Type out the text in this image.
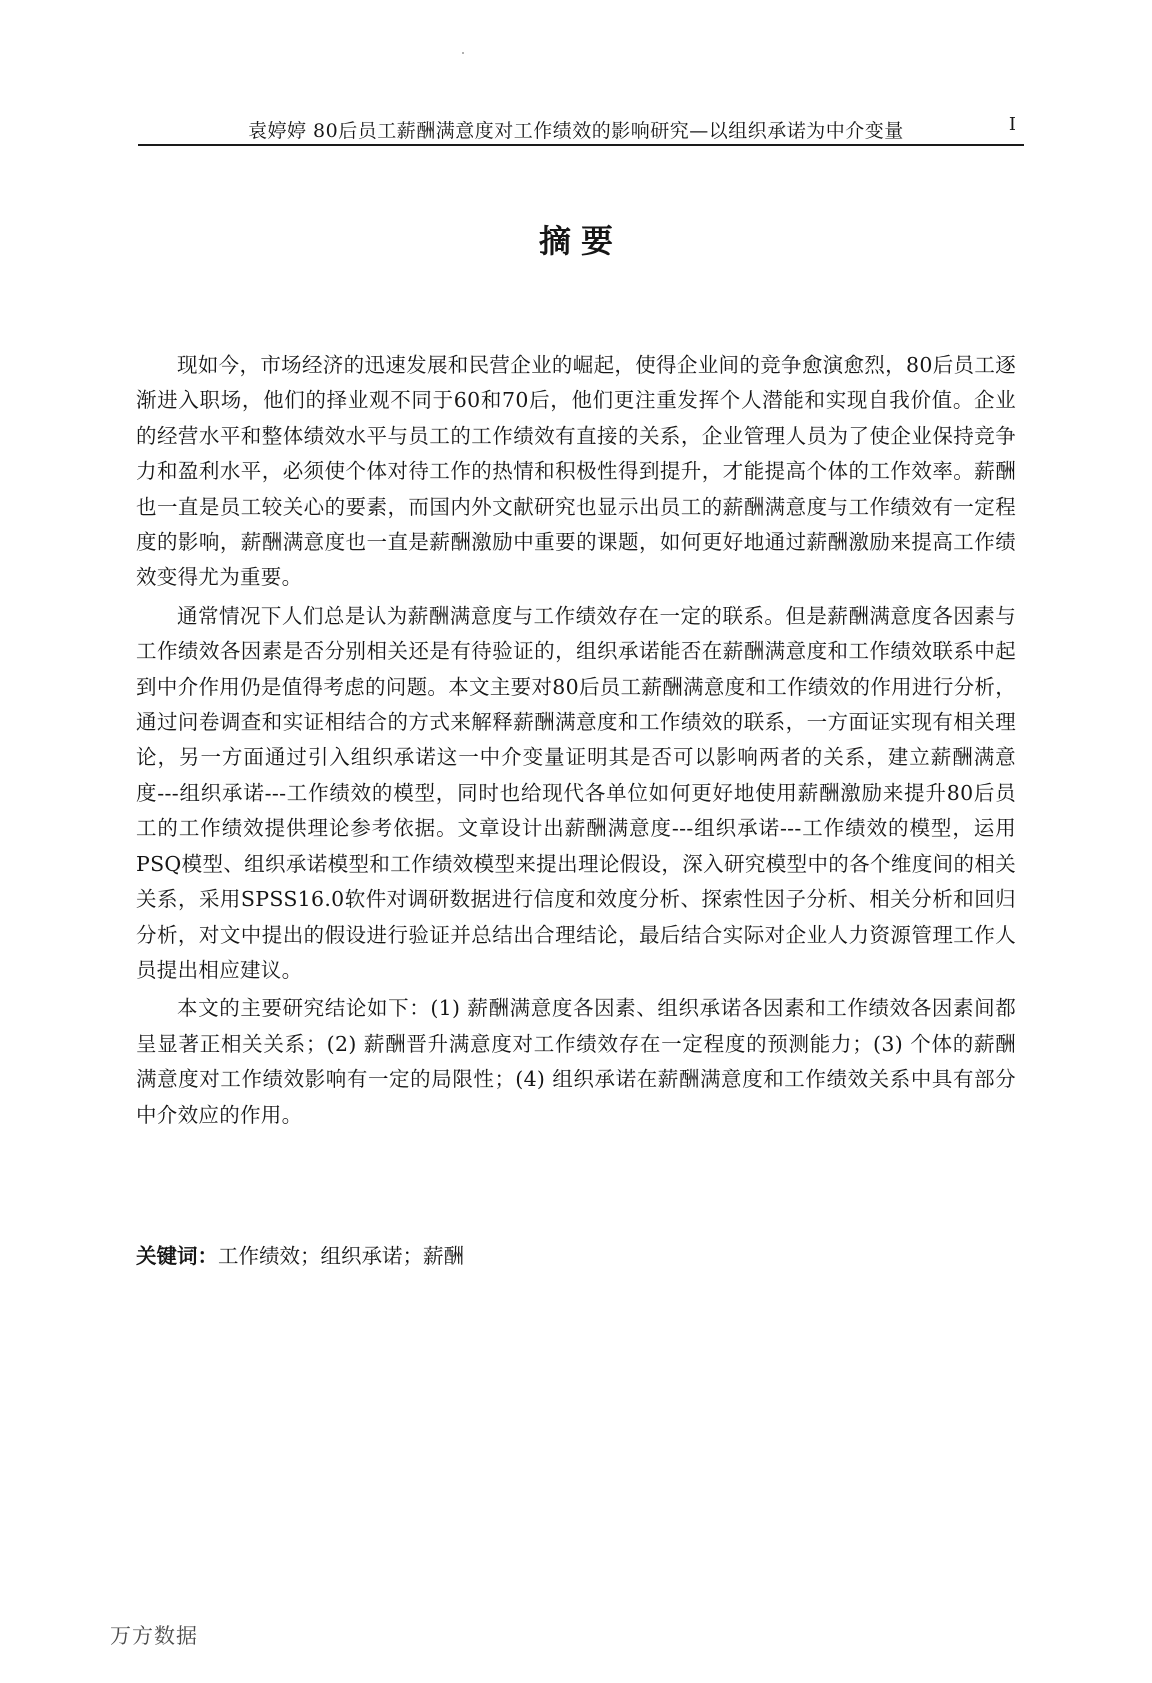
袁婷婷 80后员工薪酬满意度对工作绩效的影响研究—以组织承诺为中介变量	I
摘要

现如今，市场经济的迅速发展和民营企业的崛起，使得企业间的竞争愈演愈烈，80后员工逐渐进入职场，他们的择业观不同于60和70后，他们更注重发挥个人潜能和实现自我价值。企业的经营水平和整体绩效水平与员工的工作绩效有直接的关系，企业管理人员为了使企业保持竞争力和盈利水平，必须使个体对待工作的热情和积极性得到提升，才能提高个体的工作效率。薪酬也一直是员工较关心的要素，而国内外文献研究也显示出员工的薪酬满意度与工作绩效有一定程度的影响，薪酬满意度也一直是薪酬激励中重要的课题，如何更好地通过薪酬激励来提高工作绩效变得尤为重要。

通常情况下人们总是认为薪酬满意度与工作绩效存在一定的联系。但是薪酬满意度各因素与工作绩效各因素是否分别相关还是有待验证的，组织承诺能否在薪酬满意度和工作绩效联系中起到中介作用仍是值得考虑的问题。本文主要对80后员工薪酬满意度和工作绩效的作用进行分析，通过问卷调查和实证相结合的方式来解释薪酬满意度和工作绩效的联系，一方面证实现有相关理论，另一方面通过引入组织承诺这一中介变量证明其是否可以影响两者的关系，建立薪酬满意度---组织承诺---工作绩效的模型，同时也给现代各单位如何更好地使用薪酬激励来提升80后员工的工作绩效提供理论参考依据。文章设计出薪酬满意度---组织承诺---工作绩效的模型，运用PSQ模型、组织承诺模型和工作绩效模型来提出理论假设，深入研究模型中的各个维度间的相关关系，采用SPSS16.0软件对调研数据进行信度和效度分析、探索性因子分析、相关分析和回归分析，对文中提出的假设进行验证并总结出合理结论，最后结合实际对企业人力资源管理工作人员提出相应建议。

本文的主要研究结论如下：(1) 薪酬满意度各因素、组织承诺各因素和工作绩效各因素间都呈显著正相关关系；(2) 薪酬晋升满意度对工作绩效存在一定程度的预测能力；(3) 个体的薪酬满意度对工作绩效影响有一定的局限性；(4) 组织承诺在薪酬满意度和工作绩效关系中具有部分中介效应的作用。

关键词：工作绩效；组织承诺；薪酬
万方数据
